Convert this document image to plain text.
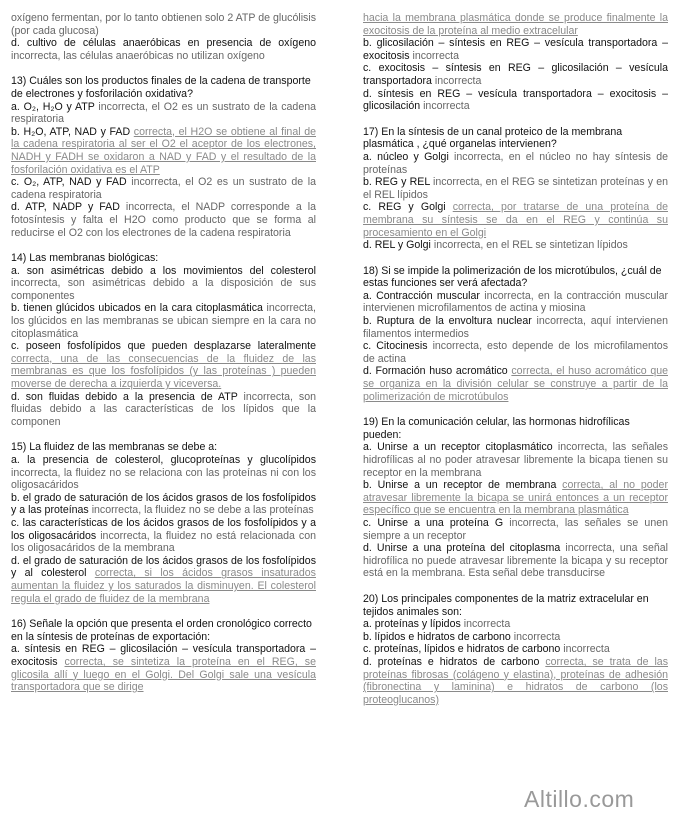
oxígeno fermentan, por lo tanto obtienen solo 2 ATP de glucólisis (por cada glucosa)

d. cultivo de células anaeróbicas en presencia de oxígeno incorrecta, las células anaeróbicas no utilizan oxígeno

13) Cuáles son los productos finales de la cadena de transporte de electrones y fosforilación oxidativa?

a. O₂, H₂O y ATP incorrecta, el O2 es un sustrato de la cadena respiratoria

b. H₂O, ATP, NAD y FAD correcta, el H2O se obtiene al final de la cadena respiratoria al ser el O2 el aceptor de los electrones, NADH y FADH se oxidaron a NAD y FAD y el resultado de la fosforilación oxidativa es el ATP

c. O₂, ATP, NAD y FAD incorrecta, el O2 es un sustrato de la cadena respiratoria

d. ATP, NADP y FAD incorrecta, el NADP corresponde a la fotosíntesis y falta el H2O como producto que se forma al reducirse el O2 con los electrones de la cadena respiratoria

14) Las membranas biológicas:

a. son asimétricas debido a los movimientos del colesterol incorrecta, son asimétricas debido a la disposición de sus componentes

b. tienen glúcidos ubicados en la cara citoplasmática incorrecta, los glúcidos en las membranas se ubican siempre en la cara no citoplasmática

c. poseen fosfolípidos que pueden desplazarse lateralmente correcta, una de las consecuencias de la fluidez de las membranas es que los fosfolípidos (y las proteínas ) pueden moverse de derecha a izquierda y viceversa.

d. son fluidas debido a la presencia de ATP incorrecta, son fluidas debido a las características de los lípidos que la componen

15) La fluidez de las membranas se debe a:

a. la presencia de colesterol, glucoproteínas y glucolípidos incorrecta, la fluidez no se relaciona con las proteínas ni con los oligosacáridos

b. el grado de saturación de los ácidos grasos de los fosfolípidos y a las proteínas incorrecta, la fluidez no se debe a las proteínas

c. las características de los ácidos grasos de los fosfolípidos y a los oligosacáridos incorrecta, la fluidez no está relacionada con los oligosacáridos de la membrana

d. el grado de saturación de los ácidos grasos de los fosfolípidos y al colesterol correcta, si los ácidos grasos insaturados aumentan la fluidez y los saturados la disminuyen. El colesterol regula el grado de fluidez de la membrana

16) Señale la opción que presenta el orden cronológico correcto en la síntesis de proteínas de exportación:

a. síntesis en REG – glicosilación – vesícula transportadora – exocitosis correcta, se sintetiza la proteína en el REG, se glicosila allí y luego en el Golgi. Del Golgi sale una vesícula transportadora que se dirige

hacia la membrana plasmática donde se produce finalmente la exocitosis de la proteína al medio extracelular

b. glicosilación – síntesis en REG – vesícula transportadora – exocitosis incorrecta

c. exocitosis – síntesis en REG – glicosilación – vesícula transportadora incorrecta

d. síntesis en REG – vesícula transportadora – exocitosis – glicosilación incorrecta

17) En la síntesis de un canal proteico de la membrana plasmática , ¿qué organelas intervienen?

a. núcleo y Golgi incorrecta, en el núcleo no hay síntesis de proteínas

b. REG y REL incorrecta, en el REG se sintetizan proteínas y en el REL lípidos

c. REG y Golgi correcta, por tratarse de una proteína de membrana su síntesis se da en el REG y continúa su procesamiento en el Golgi

d. REL y Golgi incorrecta, en el REL se sintetizan lípidos

18) Si se impide la polimerización de los microtúbulos, ¿cuál de estas funciones ser verá afectada?

a. Contracción muscular incorrecta, en la contracción muscular intervienen microfilamentos de actina y miosina

b. Ruptura de la envoltura nuclear incorrecta, aquí intervienen filamentos intermedios

c. Citocinesis incorrecta, esto depende de los microfilamentos de actina

d. Formación huso acromático correcta, el huso acromático que se organiza en la división celular se construye a partir de la polimerización de microtúbulos

19) En la comunicación celular, las hormonas hidrofílicas pueden:

a. Unirse a un receptor citoplasmático incorrecta, las señales hidrofílicas al no poder atravesar libremente la bicapa tienen su receptor en la membrana

b. Unirse a un receptor de membrana correcta, al no poder atravesar libremente la bicapa se unirá entonces a un receptor específico que se encuentra en la membrana plasmática

c. Unirse a una proteína G incorrecta, las señales se unen siempre a un receptor

d. Unirse a una proteína del citoplasma incorrecta, una señal hidrofílica no puede atravesar libremente la bicapa y su receptor está en la membrana. Esta señal debe transducirse

20) Los principales componentes de la matriz extracelular en tejidos animales son:

a. proteínas y lípidos incorrecta

b. lípidos e hidratos de carbono incorrecta

c. proteínas, lípidos e hidratos de carbono incorrecta

d. proteínas e hidratos de carbono correcta, se trata de las proteínas fibrosas (colágeno y elastina), proteínas de adhesión (fibronectina y laminina) e hidratos de carbono (los proteoglucanos)

Altillo.com
